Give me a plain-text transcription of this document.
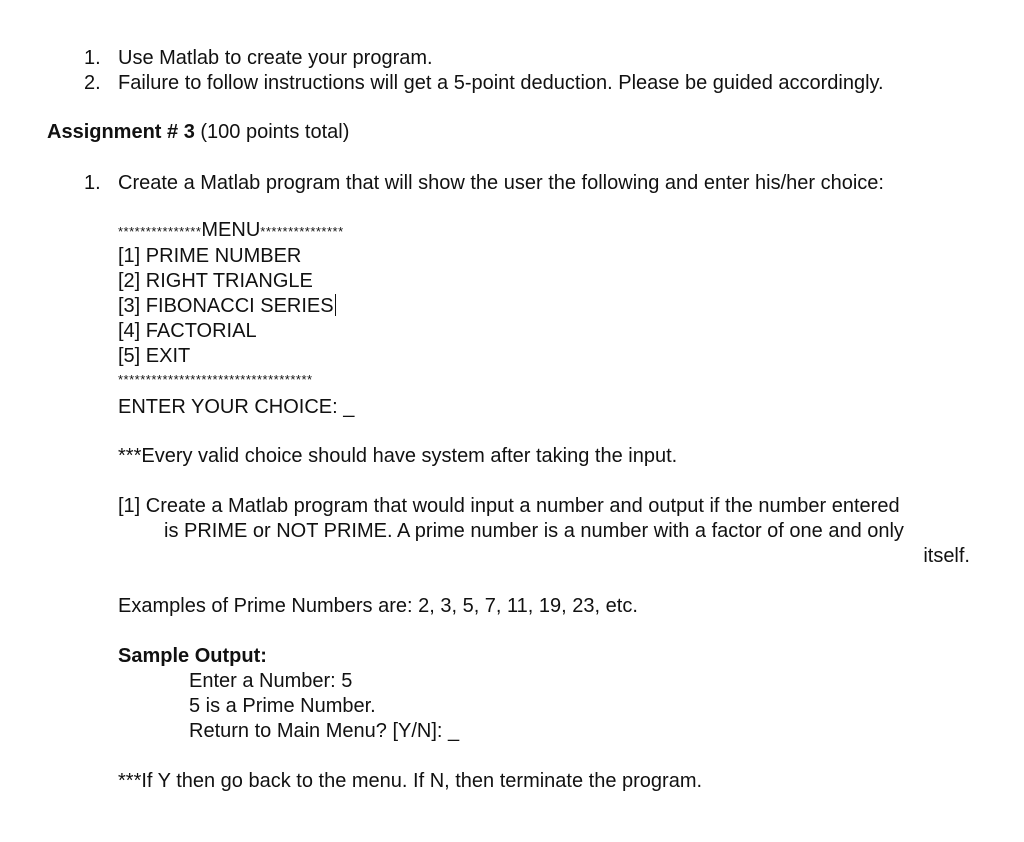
1. Use Matlab to create your program.
2. Failure to follow instructions will get a 5-point deduction. Please be guided accordingly.
Assignment # 3 (100 points total)
1. Create a Matlab program that will show the user the following and enter his/her choice:
***************MENU***************
[1] PRIME NUMBER
[2] RIGHT TRIANGLE
[3] FIBONACCI SERIES
[4] FACTORIAL
[5] EXIT
***********************************
ENTER YOUR CHOICE: _
***Every valid choice should have system after taking the input.
[1] Create a Matlab program that would input a number and output if the number entered
is PRIME or NOT PRIME. A prime number is a number with a factor of one and only
itself.
Examples of Prime Numbers are: 2, 3, 5, 7, 11, 19, 23, etc.
Sample Output:
Enter a Number: 5
5 is a Prime Number.
Return to Main Menu? [Y/N]: _
***If Y then go back to the menu. If N, then terminate the program.
